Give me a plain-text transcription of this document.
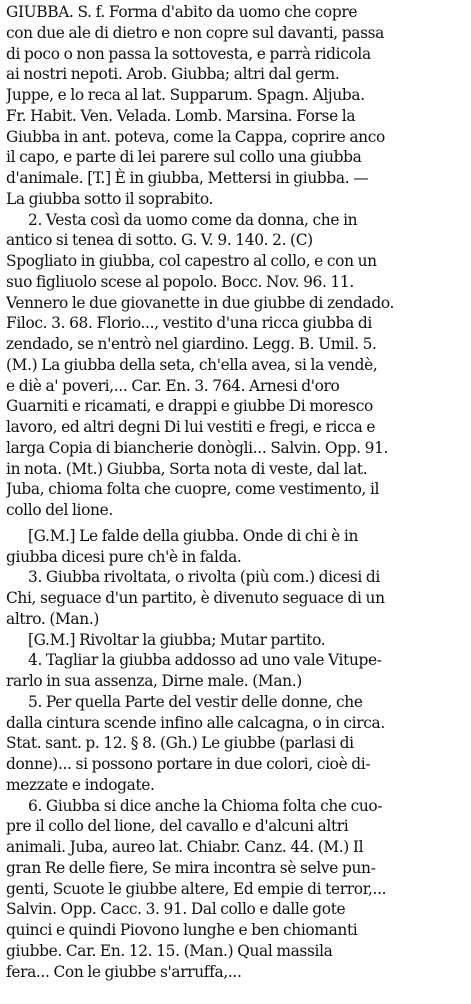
GIUBBA. S. f. Forma d'abito da uomo che copre
con due ale di dietro e non copre sul davanti, passa
di poco o non passa la sottovesta, e parrà ridicola
ai nostri nepoti. Arob. Giubba; altri dal germ.
Juppe, e lo reca al lat. Supparum. Spagn. Aljuba.
Fr. Habit. Ven. Velada. Lomb. Marsina. Forse la
Giubba in ant. poteva, come la Cappa, coprire anco
il capo, e parte di lei parere sul collo una giubba
d'animale. [T.] È in giubba, Mettersi in giubba. —
La giubba sotto il soprabito.
2. Vesta così da uomo come da donna, che in
antico si tenea di sotto. G. V. 9. 140. 2. (C)
Spogliato in giubba, col capestro al collo, e con un
suo figliuolo scese al popolo. Bocc. Nov. 96. 11.
Vennero le due giovanette in due giubbe di zendado.
Filoc. 3. 68. Florio..., vestito d'una ricca giubba di
zendado, se n'entrò nel giardino. Legg. B. Umil. 5.
(M.) La giubba della seta, ch'ella avea, si la vendè,
e diè a' poveri,... Car. En. 3. 764. Arnesi d'oro
Guarniti e ricamati, e drappi e giubbe Di moresco
lavoro, ed altri degni Di lui vestiti e fregi, e ricca e
larga Copia di biancherie donògli... Salvin. Opp. 91.
in nota. (Mt.) Giubba, Sorta nota di veste, dal lat.
Juba, chioma folta che cuopre, come vestimento, il
collo del lione.
[G.M.] Le falde della giubba. Onde di chi è in
giubba dicesi pure ch'è in falda.
3. Giubba rivoltata, o rivolta (più com.) dicesi di
Chi, seguace d'un partito, è divenuto seguace di un
altro. (Man.)
[G.M.] Rivoltar la giubba; Mutar partito.
4. Tagliar la giubba addosso ad uno vale Vitupe-
rarlo in sua assenza, Dirne male. (Man.)
5. Per quella Parte del vestir delle donne, che
dalla cintura scende infino alle calcagna, o in circa.
Stat. sant. p. 12. § 8. (Gh.) Le giubbe (parlasi di
donne)... si possono portare in due colori, cioè di-
mezzate e indogate.
6. Giubba si dice anche la Chioma folta che cuo-
pre il collo del lione, del cavallo e d'alcuni altri
animali. Juba, aureo lat. Chiabr. Canz. 44. (M.) Il
gran Re delle fiere, Se mira incontra sè selve pun-
genti, Scuote le giubbe altere, Ed empie di terror,...
Salvin. Opp. Cacc. 3. 91. Dal collo e dalle gote
quinci e quindi Piovono lunghe e ben chiomanti
giubbe. Car. En. 12. 15. (Man.) Qual massila
fera... Con le giubbe s'arruffa,...
